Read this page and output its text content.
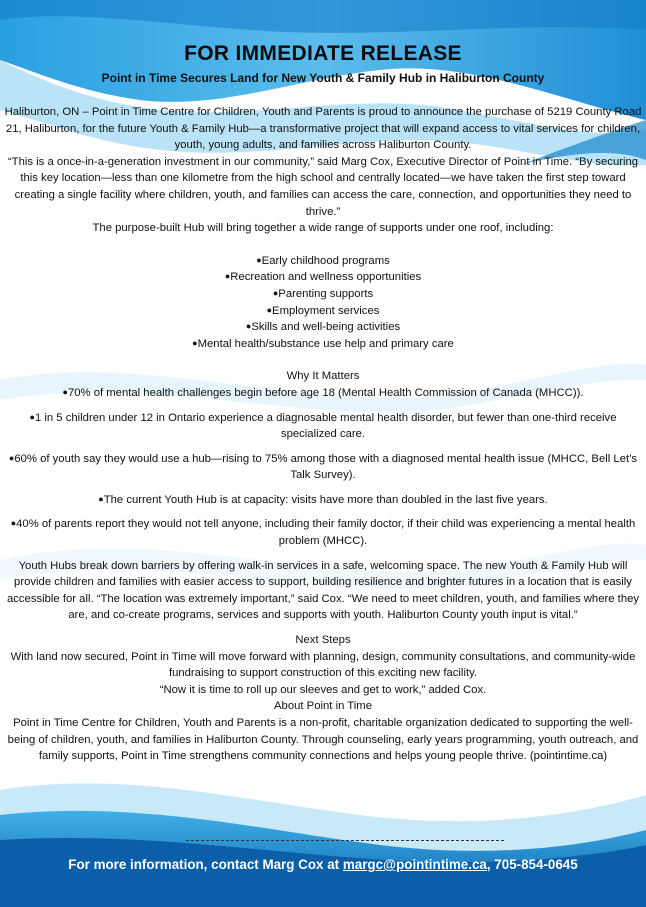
FOR IMMEDIATE RELEASE
Point in Time Secures Land for New Youth & Family Hub in Haliburton County

Haliburton, ON – Point in Time Centre for Children, Youth and Parents is proud to announce the purchase of 5219 County Road 21, Haliburton, for the future Youth & Family Hub—a transformative project that will expand access to vital services for children, youth, young adults, and families across Haliburton County.

“This is a once-in-a-generation investment in our community,” said Marg Cox, Executive Director of Point in Time. “By securing this key location—less than one kilometre from the high school and centrally located—we have taken the first step toward creating a single facility where children, youth, and families can access the care, connection, and opportunities they need to thrive.”

The purpose-built Hub will bring together a wide range of supports under one roof, including:

● Early childhood programs

● Recreation and wellness opportunities

● Parenting supports

● Employment services

● Skills and well-being activities

● Mental health/substance use help and primary care

Why It Matters

● 70% of mental health challenges begin before age 18 (Mental Health Commission of Canada (MHCC)).

● 1 in 5 children under 12 in Ontario experience a diagnosable mental health disorder, but fewer than one-third receive specialized care.

● 60% of youth say they would use a hub—rising to 75% among those with a diagnosed mental health issue (MHCC, Bell Let’s Talk Survey).

● The current Youth Hub is at capacity: visits have more than doubled in the last five years.

● 40% of parents report they would not tell anyone, including their family doctor, if their child was experiencing a mental health problem (MHCC).

Youth Hubs break down barriers by offering walk-in services in a safe, welcoming space. The new Youth & Family Hub will provide children and families with easier access to support, building resilience and brighter futures in a location that is easily accessible for all. “The location was extremely important,” said Cox. “We need to meet children, youth, and families where they are, and co-create programs, services and supports with youth. Haliburton County youth input is vital.”

Next Steps

With land now secured, Point in Time will move forward with planning, design, community consultations, and community-wide fundraising to support construction of this exciting new facility.

“Now it is time to roll up our sleeves and get to work,” added Cox.

About Point in Time

Point in Time Centre for Children, Youth and Parents is a non-profit, charitable organization dedicated to supporting the well-being of children, youth, and families in Haliburton County. Through counseling, early years programming, youth outreach, and family supports, Point in Time strengthens community connections and helps young people thrive. (pointintime.ca)

For more information, contact Marg Cox at margc@pointintime.ca, 705-854-0645
